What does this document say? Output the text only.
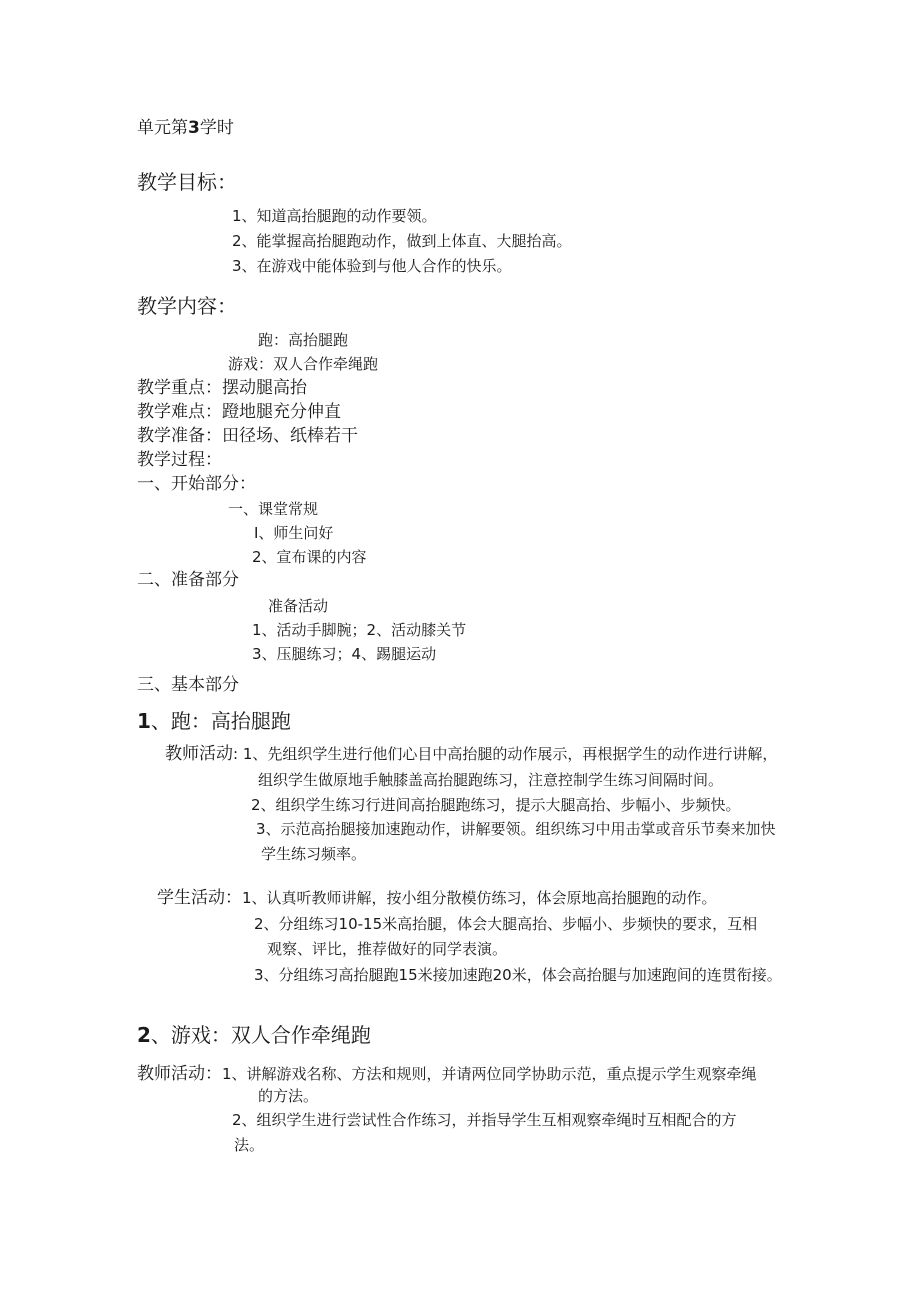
单元第3学时
教学目标：
1、知道高抬腿跑的动作要领。
2、能掌握高抬腿跑动作，做到上体直、大腿抬高。
3、在游戏中能体验到与他人合作的快乐。
教学内容：
跑：高抬腿跑
游戏：双人合作牵绳跑
教学重点：摆动腿高抬
教学难点：蹬地腿充分伸直
教学准备：田径场、纸棒若干
教学过程：
一、开始部分：
一、课堂常规
I、师生问好
2、宣布课的内容
二、准备部分
准备活动
1、活动手脚腕；2、活动膝关节
3、压腿练习；4、踢腿运动
三、基本部分
1、跑：高抬腿跑
教师活动: 1、先组织学生进行他们心目中高抬腿的动作展示，再根据学生的动作进行讲解，
组织学生做原地手触膝盖高抬腿跑练习，注意控制学生练习间隔时间。
2、组织学生练习行进间高抬腿跑练习，提示大腿高抬、步幅小、步频快。
3、示范高抬腿接加速跑动作，讲解要领。组织练习中用击掌或音乐节奏来加快
学生练习频率。
学生活动：1、认真听教师讲解，按小组分散模仿练习，体会原地高抬腿跑的动作。
2、分组练习10-15米高抬腿，体会大腿高抬、步幅小、步频快的要求，互相
观察、评比，推荐做好的同学表演。
3、分组练习高抬腿跑15米接加速跑20米，体会高抬腿与加速跑间的连贯衔接。
2、游戏：双人合作牵绳跑
教师活动：1、讲解游戏名称、方法和规则，并请两位同学协助示范，重点提示学生观察牵绳
的方法。
2、组织学生进行尝试性合作练习，并指导学生互相观察牵绳时互相配合的方
法。
